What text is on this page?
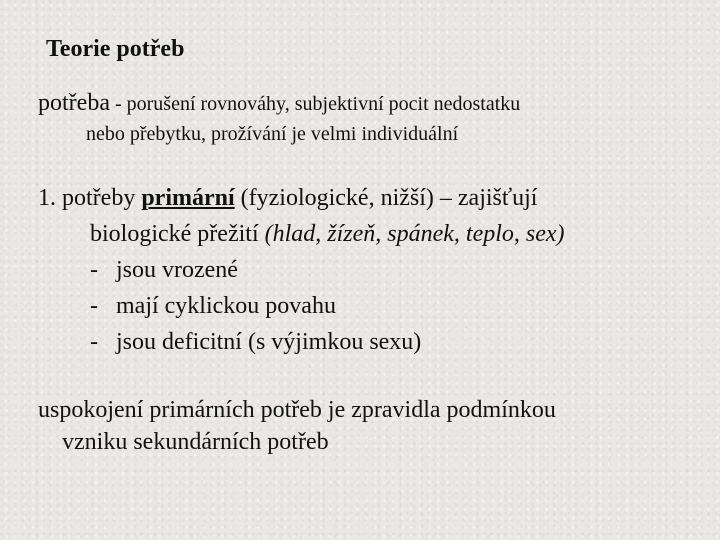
Teorie potřeb
potřeba - porušení rovnováhy, subjektivní pocit nedostatku
nebo přebytku, prožívání je velmi individuální
1. potřeby primární (fyziologické, nižší) – zajišťují
biologické přežití (hlad, žízeň, spánek, teplo, sex)
- jsou vrozené
- mají cyklickou povahu
- jsou deficitní (s výjimkou sexu)
uspokojení primárních potřeb je zpravidla podmínkou
vzniku sekundárních potřeb
